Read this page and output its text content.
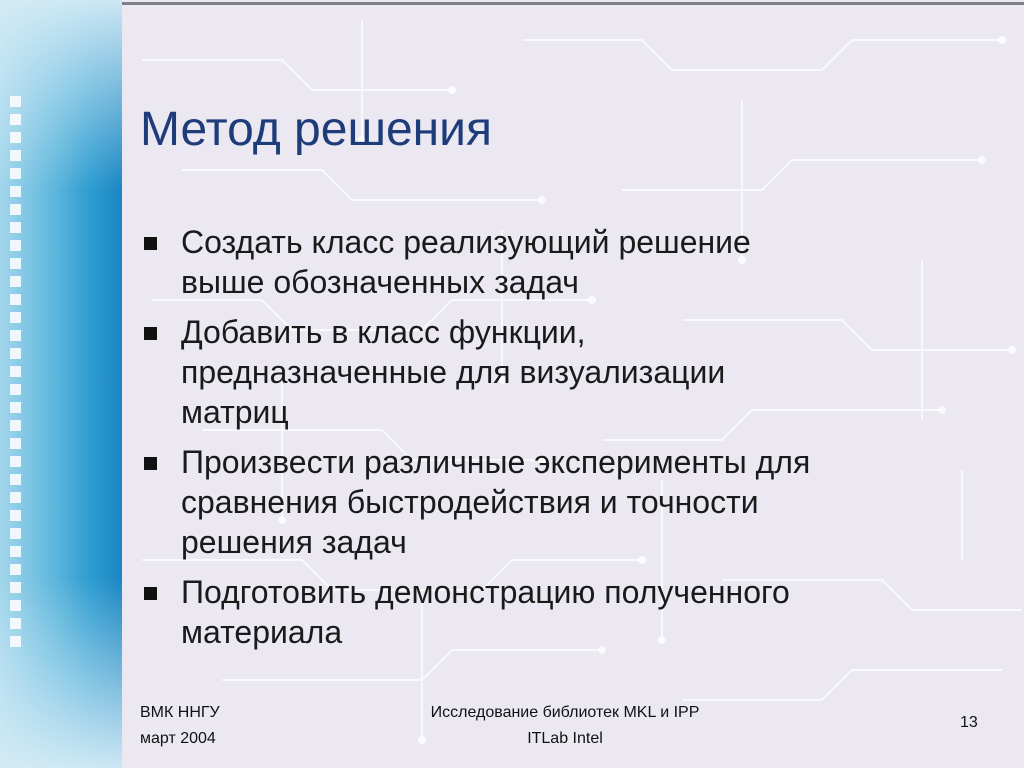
Метод решения
Создать класс реализующий решение
выше обозначенных задач
Добавить в класс функции,
предназначенные для визуализации
матриц
Произвести различные эксперименты для
сравнения быстродействия и точности
решения задач
Подготовить демонстрацию полученного
материала
ВМК ННГУ
март 2004
Исследование библиотек MKL и IPP
ITLab Intel
13
